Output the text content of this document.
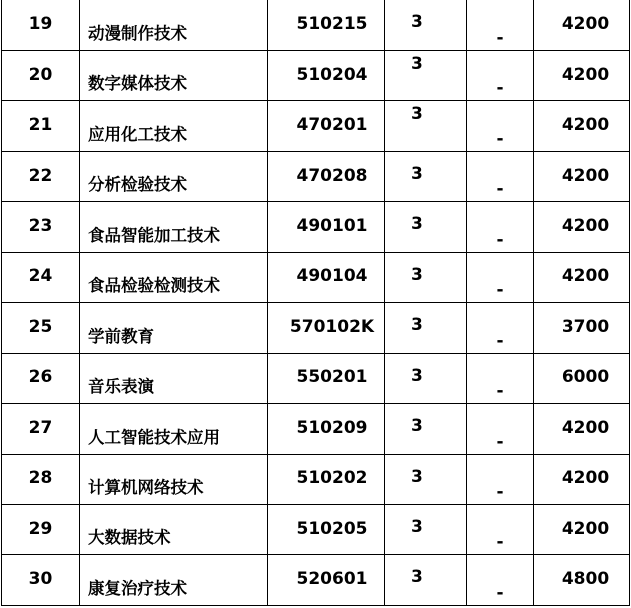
19	动漫制作技术	510215	3	-	4200
20	数字媒体技术	510204	3	-	4200
21	应用化工技术	470201	3	-	4200
22	分析检验技术	470208	3	-	4200
23	食品智能加工技术	490101	3	-	4200
24	食品检验检测技术	490104	3	-	4200
25	学前教育	570102K	3	-	3700
26	音乐表演	550201	3	-	6000
27	人工智能技术应用	510209	3	-	4200
28	计算机网络技术	510202	3	-	4200
29	大数据技术	510205	3	-	4200
30	康复治疗技术	520601	3	-	4800
